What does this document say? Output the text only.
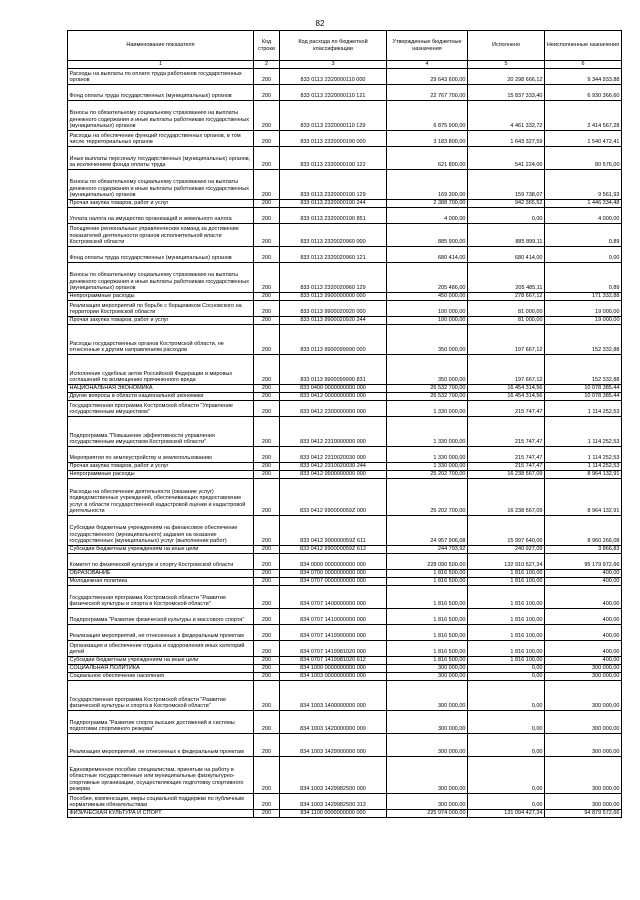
82
Наименование показателя	Код строки	Код расхода по бюджетной классификации	Утвержденные бюджетные назначения	Исполнено	Неисполненные назначения
1	2	3	4	5	6
Расходы на выплаты по оплате труда работников государственных органов	200	833 0113 2320000110 000	29 643 600,00	20 298 666,12	9 344 933,88
Фонд оплаты труда государственных (муниципальных) органов	200	833 0113 2320000110 121	22 767 700,00	15 837 333,40	6 930 366,60
Взносы по обязательному социальному страхованию на выплаты денежного содержания и иные выплаты работникам государственных (муниципальных) органов	200	833 0113 2320000110 129	6 875 900,00	4 461 332,72	2 414 567,28
Расходы на обеспечение функций государственных органов, в том числе территориальных органов	200	833 0113 2320000190 000	3 183 800,00	1 643 327,59	1 540 472,41
Иные выплаты персоналу государственных (муниципальных) органов, за исключением фонда оплаты труда	200	833 0113 2320000190 122	621 800,00	541 224,00	80 576,00
Взносы по обязательному социальному страхованию на выплаты денежного содержания и иные выплаты работникам государственных (муниципальных) органов	200	833 0113 2320000190 129	169 300,00	159 738,07	9 561,93
Прочая закупка товаров, работ и услуг	200	833 0113 2320000190 244	2 388 700,00	942 365,52	1 446 334,48
Уплата налога на имущество организаций и земельного налога	200	833 0113 2320000190 851	4 000,00	0,00	4 000,00
Поощрение региональных управленческих команд за достижение показателей деятельности органов исполнительной власти Костромской области	200	833 0113 2320020960 000	885 900,00	885 899,11	0,89
Фонд оплаты труда государственных (муниципальных) органов	200	833 0113 2320020960 121	680 414,00	680 414,00	0,00
Взносы по обязательному социальному страхованию на выплаты денежного содержания и иные выплаты работникам государственных (муниципальных) органов	200	833 0113 2320020960 129	205 486,00	205 485,11	0,89
Непрограммные расходы	200	833 0113 9900000000 000	450 000,00	278 667,12	171 332,88
Реализация мероприятий по борьбе с борщевиком Сосновского на территории Костромской области	200	833 0113 9900020920 000	100 000,00	81 000,00	19 000,00
Прочая закупка товаров, работ и услуг	200	833 0113 9900020920 244	100 000,00	81 000,00	19 000,00
Расходы государственных органов Костромской области, не отнесенные к другим направлениям расходов	200	833 0113 9900099990 000	350 000,00	197 667,12	152 332,88
Исполнение судебных актов Российской Федерации и мировых соглашений по возмещению причиненного вреда	200	833 0113 9900099990 831	350 000,00	197 667,12	152 332,88
НАЦИОНАЛЬНАЯ ЭКОНОМИКА	200	833 0400 0000000000 000	26 532 700,00	16 454 314,56	10 078 385,44
Другие вопросы в области национальной экономики	200	833 0412 0000000000 000	26 532 700,00	16 454 314,56	10 078 385,44
Государственная программа Костромской области "Управление государственным имуществом"	200	833 0412 2300000000 000	1 330 000,00	215 747,47	1 114 252,53
Подпрограмма "Повышение эффективности управления государственным имуществом Костромской области"	200	833 0412 2310000000 000	1 330 000,00	215 747,47	1 114 252,53
Мероприятия по землеустройству и землепользованию	200	833 0412 2310020030 000	1 330 000,00	215 747,47	1 114 252,53
Прочая закупка товаров, работ и услуг	200	833 0412 2310020030 244	1 330 000,00	215 747,47	1 114 252,53
Непрограммные расходы	200	833 0412 9900000000 000	25 202 700,00	16 238 567,09	8 964 132,91
Расходы на обеспечение деятельности (оказание услуг) подведомственных учреждений, обеспечивающих предоставление услуг в области государственной кадастровой оценки и кадастровой деятельности	200	833 0412 990000059Z 000	25 202 700,00	16 238 567,09	8 964 132,91
Субсидии бюджетным учреждениям на финансовое обеспечение государственного (муниципального) задания на оказание государственных (муниципальных) услуг (выполнение работ)	200	833 0412 990000059Z 611	24 957 906,08	15 997 640,00	8 960 266,08
Субсидии бюджетным учреждениям на иные цели	200	833 0412 990000059Z 612	244 793,92	240 927,09	3 866,83
Комитет по физической культуре и спорту Костромской области	200	834 0000 0000000000 000	228 090 500,00	132 910 527,34	95 179 972,66
ОБРАЗОВАНИЕ	200	834 0700 0000000000 000	1 816 500,00	1 816 100,00	400,00
Молодежная политика	200	834 0707 0000000000 000	1 816 500,00	1 816 100,00	400,00
Государственная программа Костромской области "Развитие физической культуры и спорта в Костромской области"	200	834 0707 1400000000 000	1 816 500,00	1 816 100,00	400,00
Подпрограмма "Развитие физической культуры и массового спорта"	200	834 0707 1410000000 000	1 816 500,00	1 816 100,00	400,00
Реализация мероприятий, не отнесенных к федеральным проектам	200	834 0707 1419900000 000	1 816 500,00	1 816 100,00	400,00
Организация и обеспечение отдыха и оздоровления иных категорий детей	200	834 0707 1419981020 000	1 816 500,00	1 816 100,00	400,00
Субсидии бюджетным учреждениям на иные цели	200	834 0707 1419981020 612	1 816 500,00	1 816 100,00	400,00
СОЦИАЛЬНАЯ ПОЛИТИКА	200	834 1000 0000000000 000	300 000,00	0,00	300 000,00
Социальное обеспечение населения	200	834 1003 0000000000 000	300 000,00	0,00	300 000,00
Государственная программа Костромской области "Развитие физической культуры и спорта в Костромской области"	200	834 1003 1400000000 000	300 000,00	0,00	300 000,00
Подпрограмма "Развитие спорта высших достижений и системы подготовки спортивного резерва"	200	834 1003 1420000000 000	300 000,00	0,00	300 000,00
Реализация мероприятий, не отнесенных к федеральным проектам	200	834 1003 1429900000 000	300 000,00	0,00	300 000,00
Единовременное пособие специалистам, принятым на работу в областные государственные или муниципальные физкультурно-спортивные организации, осуществляющие подготовку спортивного резерва	200	834 1003 1429982500 000	300 000,00	0,00	300 000,00
Пособия, компенсации, меры социальной поддержки по публичным нормативным обязательствам	200	834 1003 1429982500 313	300 000,00	0,00	300 000,00
ФИЗИЧЕСКАЯ КУЛЬТУРА И СПОРТ	200	834 1100 0000000000 000	225 974 000,00	131 094 427,34	94 879 572,66
